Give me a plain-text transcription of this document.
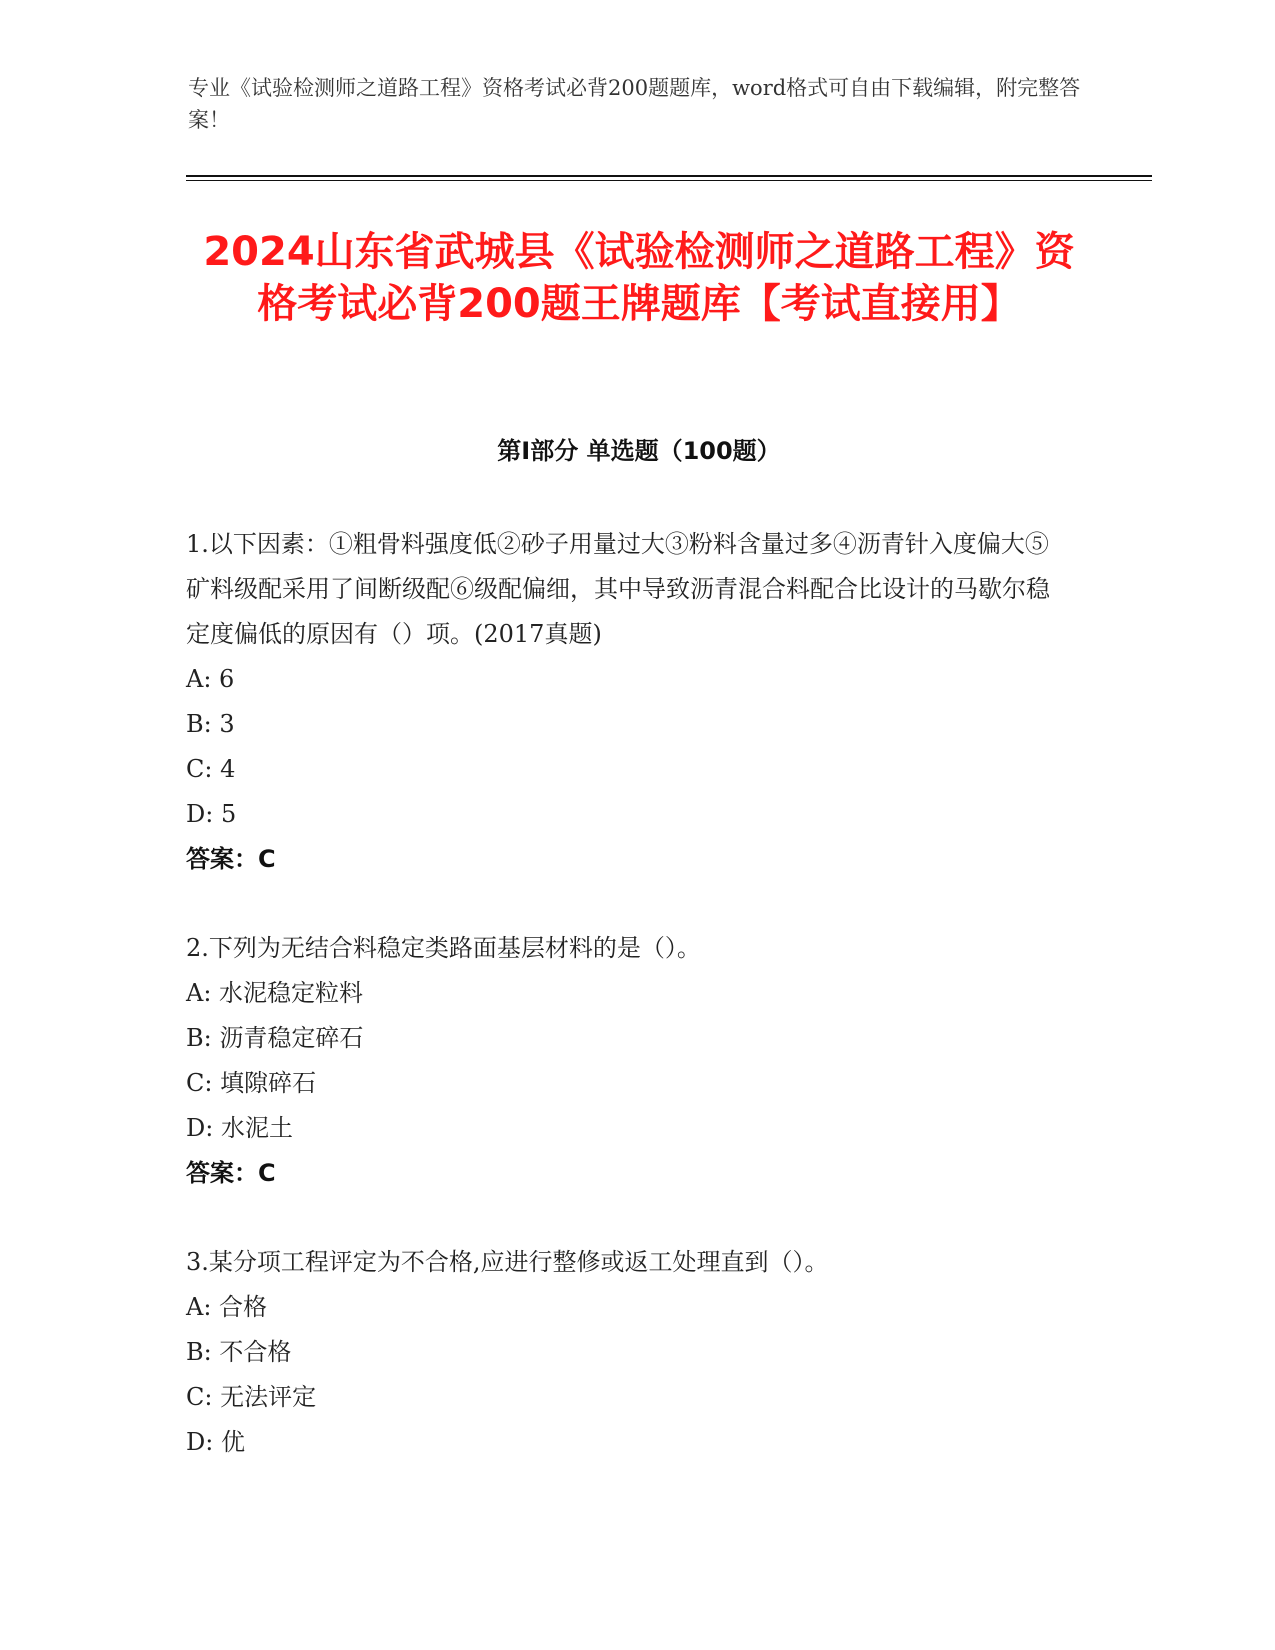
专业《试验检测师之道路工程》资格考试必背200题题库，word格式可自由下载编辑，附完整答案！

2024山东省武城县《试验检测师之道路工程》资格考试必背200题王牌题库【考试直接用】
第I部分 单选题（100题）

1.以下因素：①粗骨料强度低②砂子用量过大③粉料含量过多④沥青针入度偏大⑤矿料级配采用了间断级配⑥级配偏细，其中导致沥青混合料配合比设计的马歇尔稳定度偏低的原因有（）项。(2017真题)

A: 6

B: 3

C: 4

D: 5

答案：C

2.下列为无结合料稳定类路面基层材料的是（）。

A: 水泥稳定粒料

B: 沥青稳定碎石

C: 填隙碎石

D: 水泥土

答案：C

3.某分项工程评定为不合格,应进行整修或返工处理直到（）。

A: 合格

B: 不合格

C: 无法评定

D: 优
